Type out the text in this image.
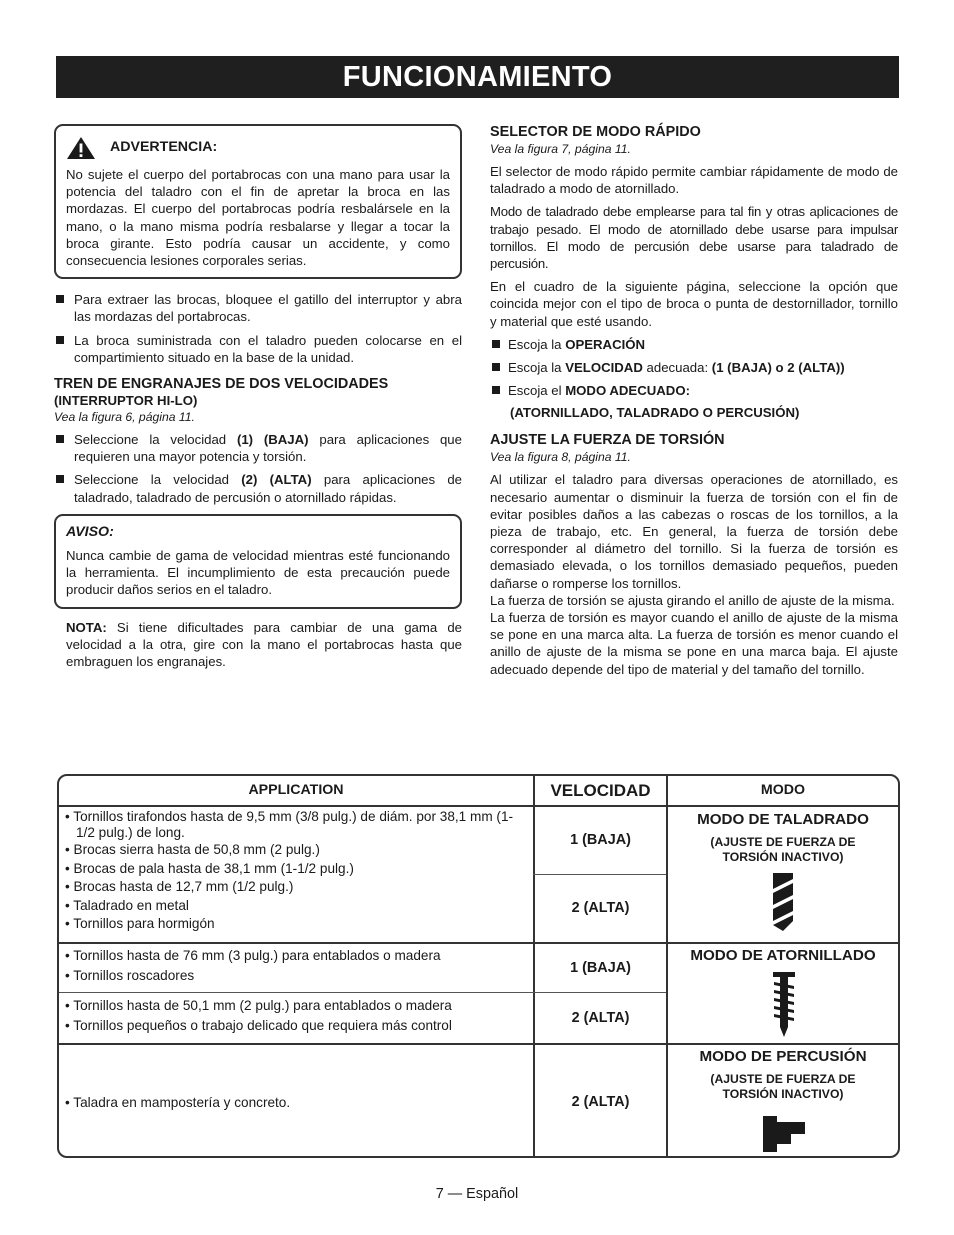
FUNCIONAMIENTO
ADVERTENCIA:
No sujete el cuerpo del portabrocas con una mano para usar la potencia del taladro con el fin de apretar la broca en las mordazas. El cuerpo del portabrocas podría resbalársele en la mano, o la mano misma podría resbalarse y llegar a tocar la broca girante. Esto podría causar un accidente, y como consecuencia lesiones corporales serias.
Para extraer las brocas, bloquee el gatillo del interruptor y abra las mordazas del portabrocas.
La broca suministrada con el taladro pueden colocarse en el compartimiento situado en la base de la unidad.
TREN DE ENGRANAJES DE DOS VELOCIDADES
(INTERRUPTOR HI-LO)
Vea la figura 6, página 11.
Seleccione la velocidad (1) (BAJA) para aplicaciones que requieren una mayor potencia y torsión.
Seleccione la velocidad (2) (ALTA) para aplicaciones de taladrado, taladrado de percusión o atornillado rápidas.
AVISO:
Nunca cambie de gama de velocidad mientras esté funcionando la herramienta. El incumplimiento de esta precaución puede producir daños serios en el taladro.

NOTA: Si tiene dificultades para cambiar de una gama de velocidad a la otra, gire con la mano el portabrocas hasta que embraguen los engranajes.

SELECTOR DE MODO RÁPIDO
Vea la figura 7, página 11.

El selector de modo rápido permite cambiar rápidamente de modo de taladrado a modo de atornillado.

Modo de taladrado debe emplearse para tal fin y otras aplicaciones de trabajo pesado. El modo de atornillado debe usarse para impulsar tornillos. El modo de percusión debe usarse para taladrado de percusión.

En el cuadro de la siguiente página, seleccione la opción que coincida mejor con el tipo de broca o punta de destornillador, tornillo y material que esté usando.

Escoja la OPERACIÓN
Escoja la VELOCIDAD adecuada: (1 (BAJA) o 2 (ALTA))
Escoja el MODO ADECUADO:
(ATORNILLADO, TALADRADO O PERCUSIÓN)
AJUSTE LA FUERZA DE TORSIÓN
Vea la figura 8, página 11.

Al utilizar el taladro para diversas operaciones de atornillado, es necesario aumentar o disminuir la fuerza de torsión con el fin de evitar posibles daños a las cabezas o roscas de los tornillos, a la pieza de trabajo, etc. En general, la fuerza de torsión debe corresponder al diámetro del tornillo. Si la fuerza de torsión es demasiado elevada, o los tornillos demasiado pequeños, pueden dañarse o romperse los tornillos.

La fuerza de torsión se ajusta girando el anillo de ajuste de la misma.

La fuerza de torsión es mayor cuando el anillo de ajuste de la misma se pone en una marca alta. La fuerza de torsión es menor cuando el anillo de ajuste de la misma se pone en una marca baja. El ajuste adecuado depende del tipo de material y del tamaño del tornillo.

APPLICATION	VELOCIDAD	MODO
• Tornillos tirafondos hasta de 9,5 mm (3/8 pulg.) de diám. por 38,1 mm (1-1/2 pulg.) de long.
• Brocas sierra hasta de 50,8 mm (2 pulg.)
• Brocas de pala hasta de 38,1 mm (1-1/2 pulg.)
• Brocas hasta de 12,7 mm (1/2 pulg.)
• Taladrado en metal
• Tornillos para hormigón
1 (BAJA)
2 (ALTA)
MODO DE TALADRADO
(AJUSTE DE FUERZA DE TORSIÓN INACTIVO)
• Tornillos hasta de 76 mm (3 pulg.) para entablados o madera
• Tornillos roscadores	1 (BAJA)
• Tornillos hasta de 50,1 mm (2 pulg.) para entablados o madera
• Tornillos pequeños o trabajo delicado que requiera más control	2 (ALTA)
MODO DE ATORNILLADO
• Taladra en mampostería y concreto.	2 (ALTA)
MODO DE PERCUSIÓN
(AJUSTE DE FUERZA DE TORSIÓN INACTIVO)
7 — Español
